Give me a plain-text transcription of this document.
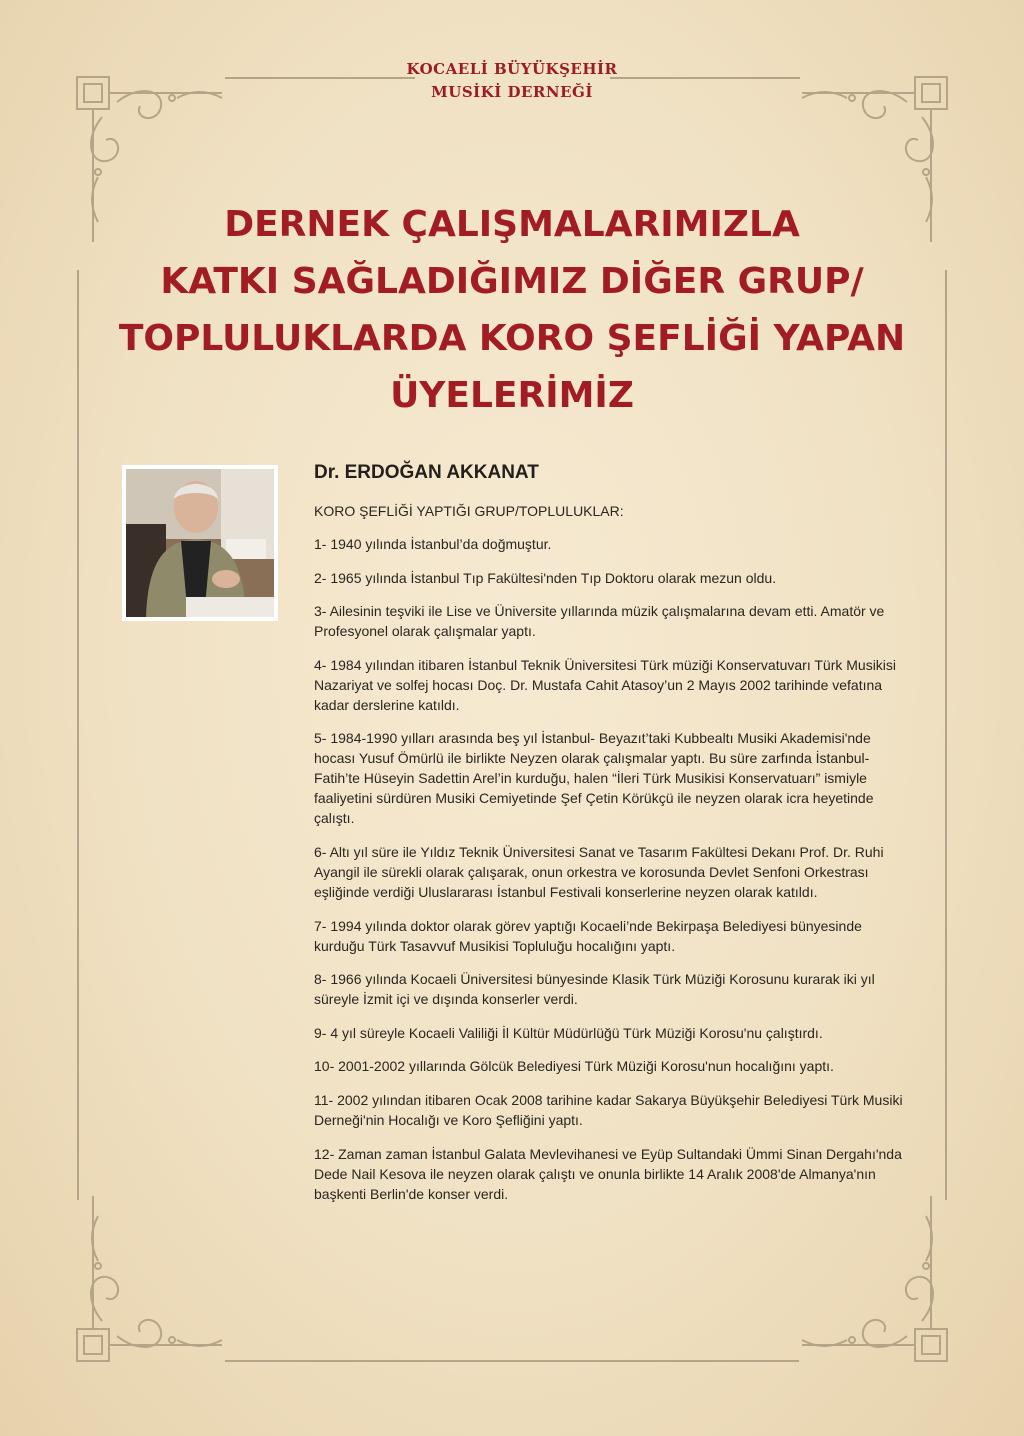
KOCAELİ BÜYÜKŞEHİR
MUSİKİ DERNEĞİ
DERNEK ÇALIŞMALARIMIZLA
KATKI SAĞLADIĞIMIZ DİĞER GRUP/
TOPLULUKLARDA KORO ŞEFLİĞİ YAPAN
ÜYELERİMİZ
Dr. ERDOĞAN AKKANAT
KORO ŞEFLİĞİ YAPTIĞI GRUP/TOPLULUKLAR:
1- 1940 yılında İstanbul’da doğmuştur.
2- 1965 yılında İstanbul Tıp Fakültesi'nden Tıp Doktoru olarak mezun oldu.
3- Ailesinin teşviki ile Lise ve Üniversite yıllarında müzik çalışmalarına devam etti. Amatör ve Profesyonel olarak çalışmalar yaptı.
4- 1984 yılından itibaren İstanbul Teknik Üniversitesi Türk müziği Konservatuvarı Türk Musikisi Nazariyat ve solfej hocası Doç. Dr. Mustafa Cahit Atasoy’un 2 Mayıs 2002 tarihinde vefatına kadar derslerine katıldı.
5- 1984-1990 yılları arasında beş yıl İstanbul- Beyazıt’taki Kubbealtı Musiki Akademisi'nde hocası Yusuf Ömürlü ile birlikte Neyzen olarak çalışmalar yaptı. Bu süre zarfında İstanbul-Fatih’te Hüseyin Sadettin Arel’in kurduğu, halen “İleri Türk Musikisi Konservatuarı” ismiyle faaliyetini sürdüren Musiki Cemiyetinde Şef Çetin Körükçü ile neyzen olarak icra heyetinde çalıştı.
6- Altı yıl süre ile Yıldız Teknik Üniversitesi Sanat ve Tasarım Fakültesi Dekanı Prof. Dr. Ruhi Ayangil ile sürekli olarak çalışarak, onun orkestra ve korosunda Devlet Senfoni Orkestrası eşliğinde verdiği Uluslararası İstanbul Festivali konserlerine neyzen olarak katıldı.
7- 1994 yılında doktor olarak görev yaptığı Kocaeli’nde Bekirpaşa Belediyesi bünyesinde kurduğu Türk Tasavvuf Musikisi Topluluğu hocalığını yaptı.
8- 1966 yılında Kocaeli Üniversitesi bünyesinde Klasik Türk Müziği Korosunu kurarak iki yıl süreyle İzmit içi ve dışında konserler verdi.
9- 4 yıl süreyle Kocaeli Valiliği İl Kültür Müdürlüğü Türk Müziği Korosu'nu çalıştırdı.
10- 2001-2002 yıllarında Gölcük Belediyesi Türk Müziği Korosu'nun hocalığını yaptı.
11- 2002 yılından itibaren Ocak 2008 tarihine kadar Sakarya Büyükşehir Belediyesi Türk Musiki Derneği'nin Hocalığı ve Koro Şefliğini yaptı.
12- Zaman zaman İstanbul Galata Mevlevihanesi ve Eyüp Sultandaki Ümmi Sinan Dergahı'nda Dede Nail Kesova ile neyzen olarak çalıştı ve onunla birlikte 14 Aralık 2008'de Almanya'nın başkenti Berlin'de konser verdi.
